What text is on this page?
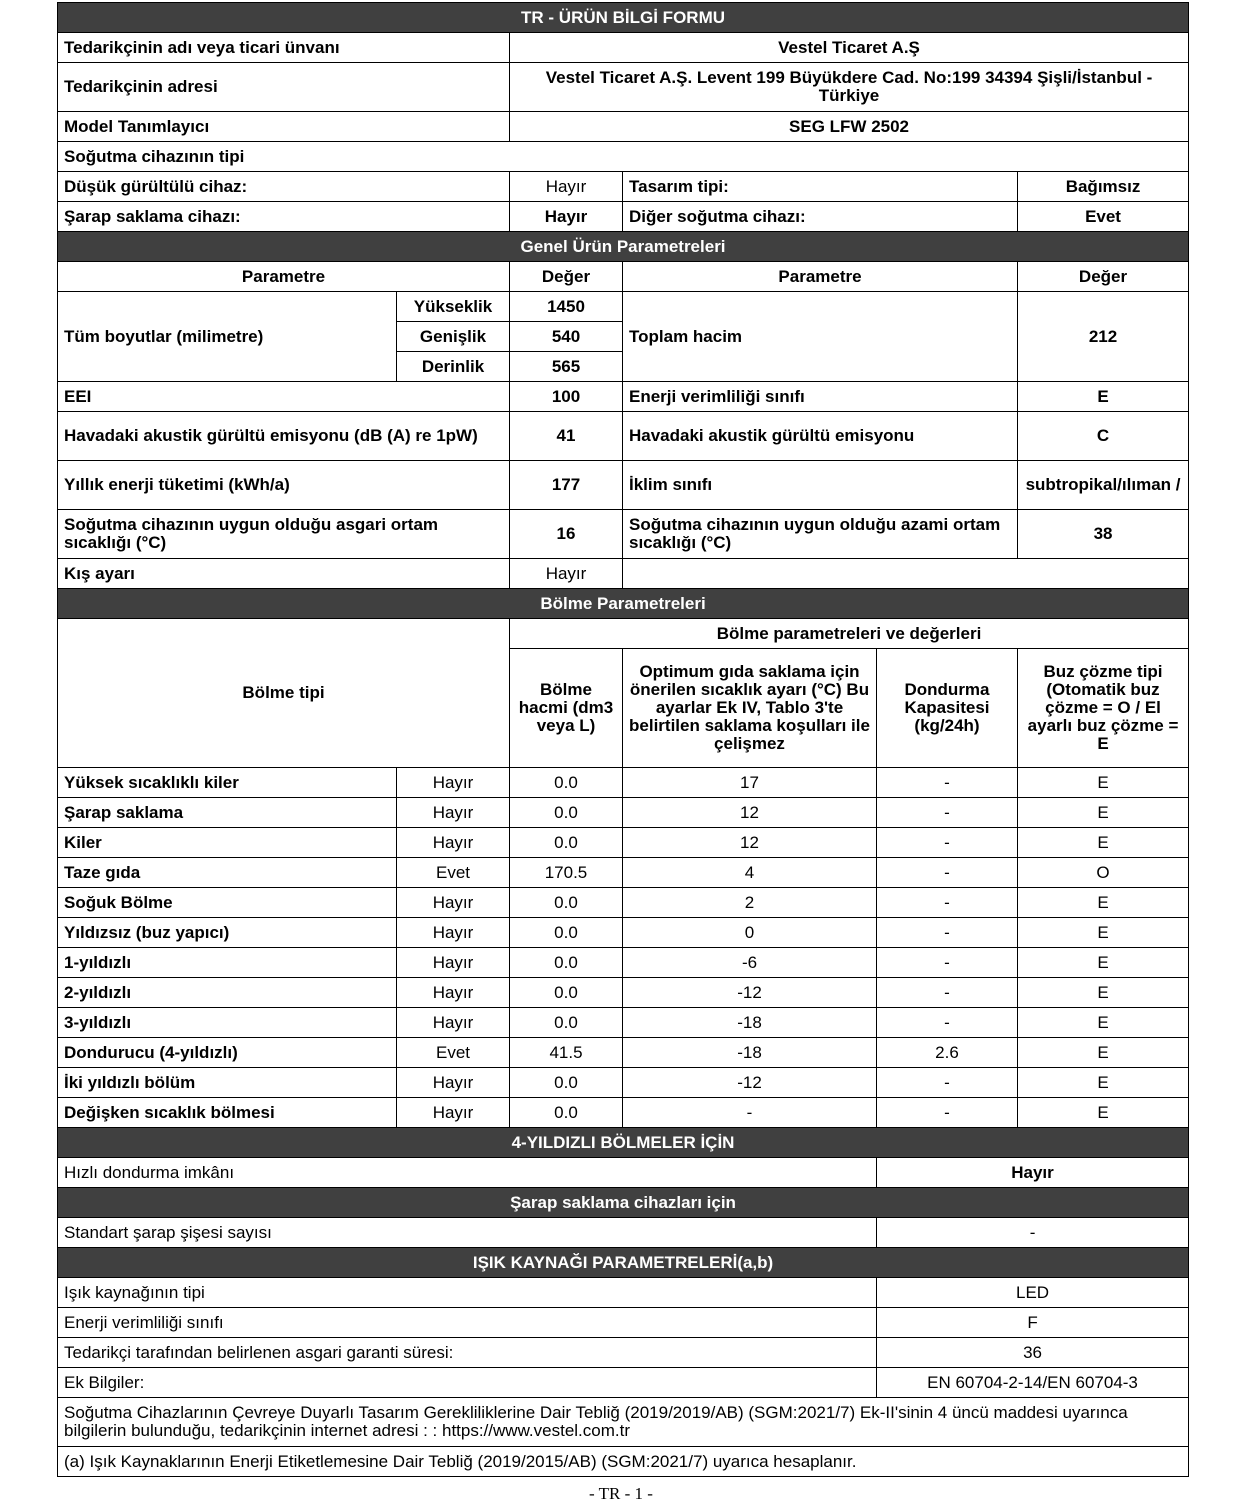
TR - ÜRÜN BİLGİ FORMU					
Tedarikçinin adı veya ticari ünvanı		Vestel Ticaret A.Ş			
Tedarikçinin adresi		Vestel Ticaret A.Ş. Levent 199 Büyükdere Cad. No:199 34394 Şişli/İstanbul - Türkiye			
Model Tanımlayıcı		SEG LFW 2502			
Soğutma cihazının tipi					
Düşük gürültülü cihaz:		Hayır	Tasarım tipi:		Bağımsız
Şarap saklama cihazı:		Hayır	Diğer soğutma cihazı:		Evet
Genel Ürün Parametreleri					
Parametre		Değer	Parametre		Değer
Tüm boyutlar (milimetre)	Yükseklik	1450	Toplam hacim		212
	Genişlik	540			
	Derinlik	565			
EEI		100	Enerji verimliliği sınıfı		E
Havadaki akustik gürültü emisyonu (dB (A) re 1pW)		41	Havadaki akustik gürültü emisyonu		C
Yıllık enerji tüketimi (kWh/a)		177	İklim sınıfı		subtropikal/ılıman /
Soğutma cihazının uygun olduğu asgari ortam sıcaklığı (°C)		16	Soğutma cihazının uygun olduğu azami ortam sıcaklığı (°C)		38
Kış ayarı		Hayır			
Bölme Parametreleri					
Bölme tipi		Bölme parametreleri ve değerleri			
		Bölme hacmi (dm3 veya L)	Optimum gıda saklama için önerilen sıcaklık ayarı (°C) Bu ayarlar Ek IV, Tablo 3'te belirtilen saklama koşulları ile çelişmez	Dondurma Kapasitesi (kg/24h)	Buz çözme tipi (Otomatik buz çözme = O / El ayarlı buz çözme = E
Yüksek sıcaklıklı kiler	Hayır	0.0	17	-	E
Şarap saklama	Hayır	0.0	12	-	E
Kiler	Hayır	0.0	12	-	E
Taze gıda	Evet	170.5	4	-	O
Soğuk Bölme	Hayır	0.0	2	-	E
Yıldızsız (buz yapıcı)	Hayır	0.0	0	-	E
1-yıldızlı	Hayır	0.0	-6	-	E
2-yıldızlı	Hayır	0.0	-12	-	E
3-yıldızlı	Hayır	0.0	-18	-	E
Dondurucu (4-yıldızlı)	Evet	41.5	-18	2.6	E
İki yıldızlı bölüm	Hayır	0.0	-12	-	E
Değişken sıcaklık bölmesi	Hayır	0.0	-	-	E
4-YILDIZLI BÖLMELER İÇİN					
Hızlı dondurma imkânı				Hayır	
Şarap saklama cihazları için					
Standart şarap şişesi sayısı				-	
IŞIK KAYNAĞI PARAMETRELERİ(a,b)					
Işık kaynağının tipi				LED	
Enerji verimliliği sınıfı				F	
Tedarikçi tarafından belirlenen asgari garanti süresi:				36	
Ek Bilgiler:				EN 60704-2-14/EN 60704-3	
Soğutma Cihazlarının Çevreye Duyarlı Tasarım Gerekliliklerine Dair Tebliğ (2019/2019/AB) (SGM:2021/7) Ek-II'sinin 4 üncü maddesi uyarınca bilgilerin bulunduğu, tedarikçinin internet adresi : : https://www.vestel.com.tr					
(a) Işık Kaynaklarının Enerji Etiketlemesine Dair Tebliğ (2019/2015/AB) (SGM:2021/7) uyarıca hesaplanır.					
- TR - 1 -
